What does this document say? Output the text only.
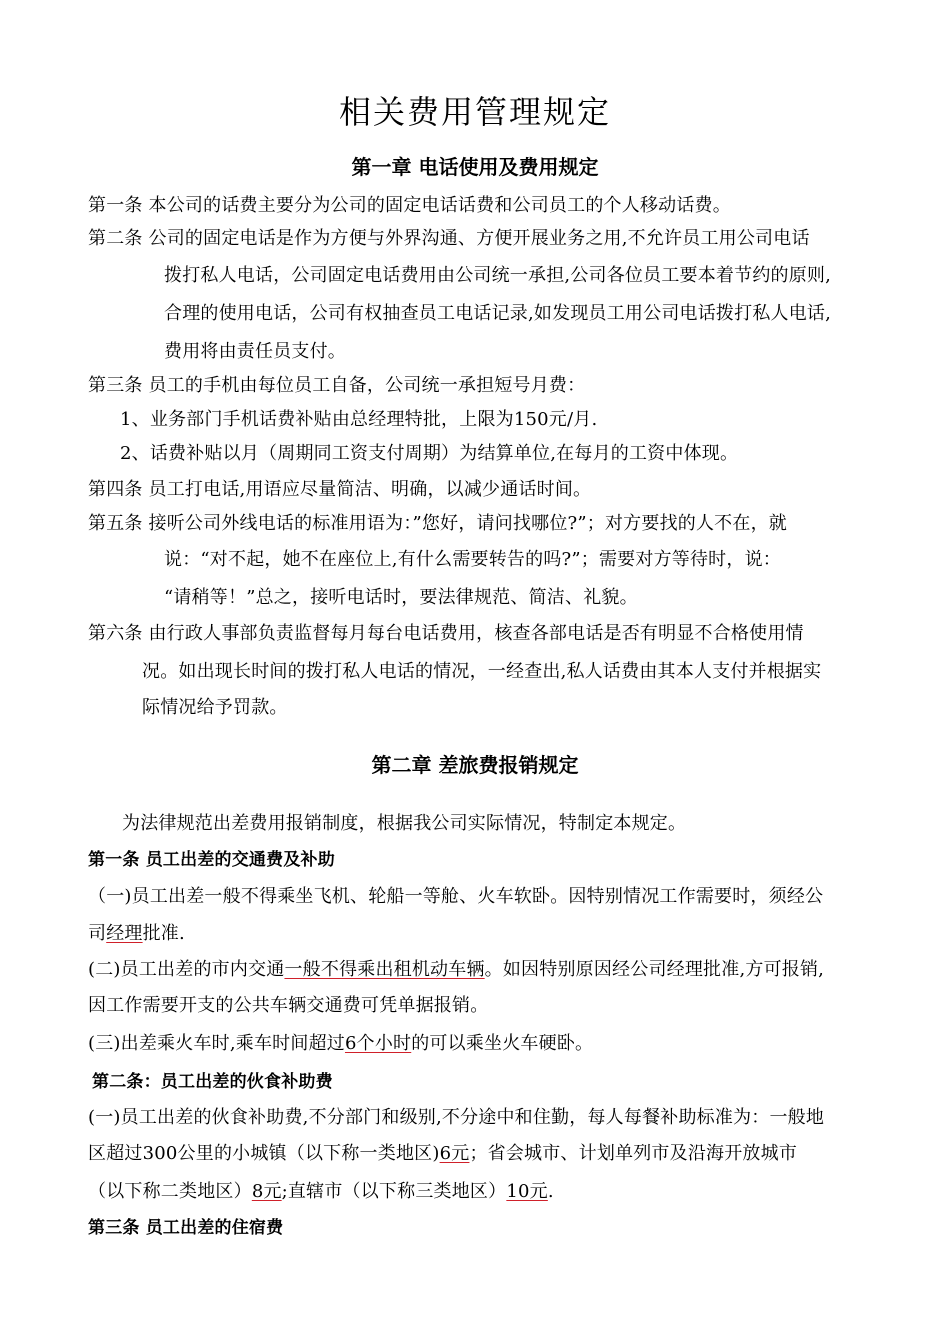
相关费用管理规定
第一章 电话使用及费用规定
第一条 本公司的话费主要分为公司的固定电话话费和公司员工的个人移动话费。
第二条 公司的固定电话是作为方便与外界沟通、方便开展业务之用,不允许员工用公司电话
拨打私人电话，公司固定电话费用由公司统一承担,公司各位员工要本着节约的原则,
合理的使用电话，公司有权抽查员工电话记录,如发现员工用公司电话拨打私人电话,
费用将由责任员支付。
第三条 员工的手机由每位员工自备，公司统一承担短号月费：
1、业务部门手机话费补贴由总经理特批，上限为150元/月.
2、话费补贴以月（周期同工资支付周期）为结算单位,在每月的工资中体现。
第四条 员工打电话,用语应尽量简洁、明确，以减少通话时间。
第五条 接听公司外线电话的标准用语为：”您好，请问找哪位?”；对方要找的人不在，就
说：“对不起，她不在座位上,有什么需要转告的吗?”；需要对方等待时，说：
“请稍等！”总之，接听电话时，要法律规范、简洁、礼貌。
第六条 由行政人事部负责监督每月每台电话费用，核查各部电话是否有明显不合格使用情
况。如出现长时间的拨打私人电话的情况，一经查出,私人话费由其本人支付并根据实
际情况给予罚款。
第二章 差旅费报销规定
为法律规范出差费用报销制度，根据我公司实际情况，特制定本规定。
第一条 员工出差的交通费及补助
（一)员工出差一般不得乘坐飞机、轮船一等舱、火车软卧。因特别情况工作需要时，须经公
司经理批准.
(二)员工出差的市内交通一般不得乘出租机动车辆。如因特别原因经公司经理批准,方可报销,
因工作需要开支的公共车辆交通费可凭单据报销。
(三)出差乘火车时,乘车时间超过6个小时的可以乘坐火车硬卧。
第二条：员工出差的伙食补助费
(一)员工出差的伙食补助费,不分部门和级别,不分途中和住勤，每人每餐补助标准为：一般地
区超过300公里的小城镇（以下称一类地区)6元；省会城市、计划单列市及沿海开放城市
（以下称二类地区）8元;直辖市（以下称三类地区）10元.
第三条 员工出差的住宿费
